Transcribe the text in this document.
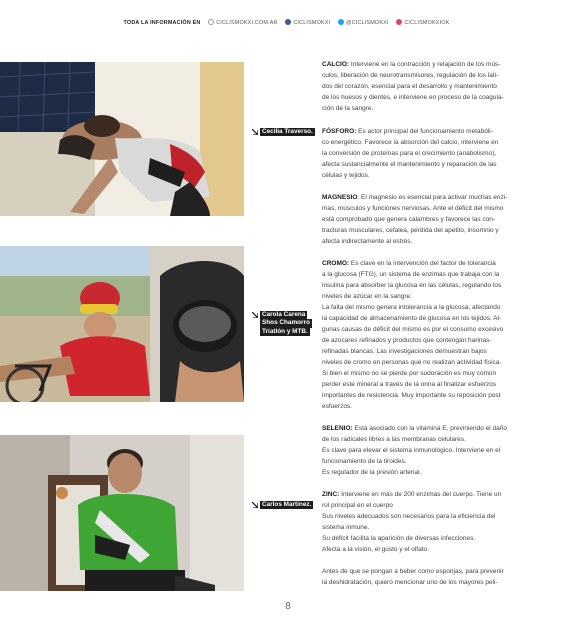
TODA LA INFORMACIÓN EN	CICLISMOKXI.COM.AR	CICLISMOKXI	@CICLISMOKXI	CICLISMOKXIOK
Cecilia Traverso.
Carola Carena
Shos Chamorro
Triatlón y MTB.
Carlos Martinez.
CALCIO: Interviene en la contracción y relajación de los mús-
culos, liberación de neurotransmisores, regulación de los lati-
dos del corazón, esencial para el desarrollo y mantenimiento
de los huesos y dientes, e interviene en proceso de la coagula-
ción de la sangre.
FÓSFORO: Es actor principal del funcionamiento metabóli-
co energético. Favorece la absorción del calcio, interviene en
la conversión de proteínas para el crecimiento (anabolismo),
afecta sustancialmente el mantenimiento y reparación de las
células y tejidos.
MAGNESIO: El magnesio es esencial para activar muchas enzi-
mas, músculos y funciones nerviosas. Ante el déficit del mismo
está comprobado que genera calambres y favorece las con-
tracturas musculares, cefalea, pérdida del apetito, insomnio y
afecta indirectamente al estrés.
CROMO: Es clave en la intervención del factor de tolerancia
a la glucosa (FTG), un sistema de enzimas que trabaja con la
insulina para absorber la glucosa en las células, regulando los
niveles de azúcar en la sangre.
La falta del mismo genera intolerancia a la glucosa, afectando
la capacidad de almacenamiento de glucosa en los tejidos. Al-
gunas causas de déficit del mismo es por el consumo excesivo
de azúcares refinados y productos que contengan harinas-
refinadas blancas. Las investigaciones demuestran bajos
niveles de cromo en personas que no realizan actividad física.
Si bien el mismo no se pierde por sudoración es muy común
perder este mineral a través de la orina al finalizar esfuerzos
importantes de resistencia. Muy importante su reposición post
esfuerzos.
SELENIO: Está asociado con la vitamina E, previniendo el daño
de los radicales libres a las membranas celulares.
Es clave para elevar el sistema inmunológico. Interviene en el
funcionamiento de la tiroides.
Es regulador de la presión arterial.
ZINC: Interviene en más de 200 enzimas del cuerpo. Tiene un
rol principal en el cuerpo
Sus niveles adecuados son necesarios para la eficiencia del
sistema inmune.
Su déficit facilita la aparición de diversas infecciones.
Afecta a la visión, el gusto y el olfato.
Antes de que se pongan a beber como esponjas, para prevenir
la deshidratación, quiero mencionar uno de los mayores peli-
8
